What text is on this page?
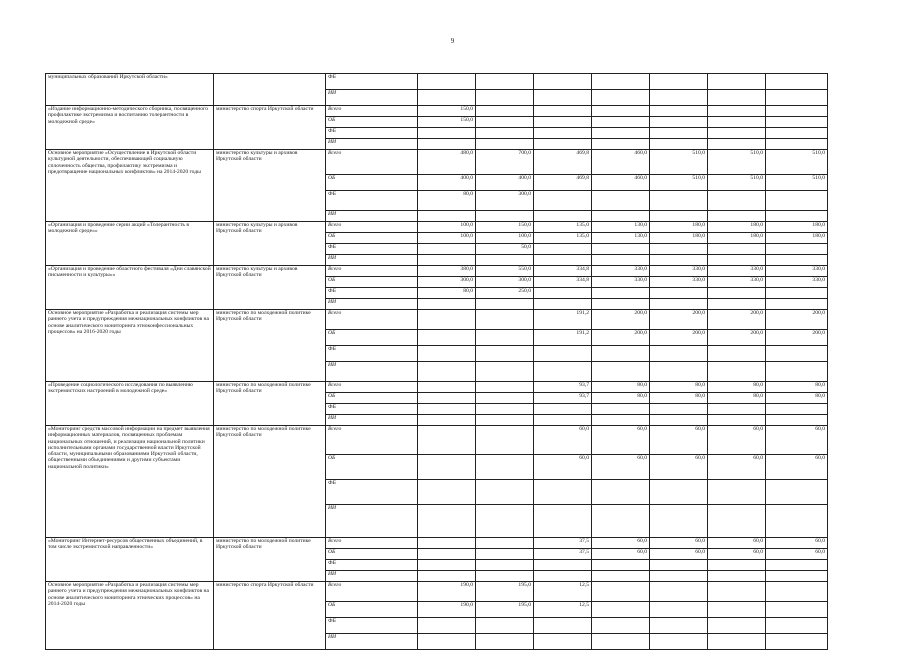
9
муниципальных образований Иркутской области»		ФБ							
		ИИ							
«Издание информационно-методического сборника, посвященного профилактике экстремизма и воспитанию толерантности в молодежной среде»	министерство спорта Иркутской области	Всего	150,0						
		ОБ	150,0						
		ФБ							
		ИИ							
Основное мероприятие «Осуществление в Иркутской области культурной деятельности, обеспечивающей социальную сплоченность общества, профилактику экстремизма и предотвращение национальных конфликтов» на 2014-2020 годы	министерство культуры и архивов Иркутской области	Всего	480,0	700,0	469,8	460,0	510,0	510,0	510,0
		ОБ	400,0	400,0	469,8	460,0	510,0	510,0	510,0
		ФБ	80,0	300,0					
		ИИ							
«Организация и проведение серии акций «Толерантность в молодежной среде»»	министерство культуры и архивов Иркутской области	Всего	100,0	150,0	135,0	130,0	180,0	180,0	180,0
		ОБ	100,0	100,0	135,0	130,0	180,0	180,0	180,0
		ФБ		50,0					
		ИИ							
«Организация и проведение областного фестиваля «Дни славянской письменности и культуры»»	министерство культуры и архивов Иркутской области	Всего	380,0	550,0	334,8	330,0	330,0	330,0	330,0
		ОБ	300,0	300,0	334,8	330,0	330,0	330,0	330,0
		ФБ	80,0	250,0					
		ИИ							
Основное мероприятие «Разработка и реализация системы мер раннего учета и предупреждения межнациональных конфликтов на основе аналитического мониторинга этноконфессиональных процессов» на 2016-2020 годы	министерство по молодежной политике Иркутской области	Всего			191,2	200,0	200,0	200,0	200,0
		ОБ			191,2	200,0	200,0	200,0	200,0
		ФБ							
		ИИ							
«Проведение социологического исследования по выявлению экстремистских настроений в молодежной среде»	министерство по молодежной политике Иркутской области	Всего			93,7	80,0	80,0	80,0	80,0
		ОБ			93,7	80,0	80,0	80,0	80,0
		ФБ							
		ИИ							
«Мониторинг средств массовой информации на предмет выявления информационных материалов, посвященных проблемам национальных отношений, и реализации национальной политики исполнительными органами государственной власти Иркутской области, муниципальными образованиями Иркутской области, общественными объединениями и другими субъектами национальной политики»	министерство по молодежной политике Иркутской области	Всего			60,0	60,0	60,0	60,0	60,0
		ОБ			60,0	60,0	60,0	60,0	60,0
		ФБ							
		ИИ							
«Мониторинг Интернет-ресурсов общественных объединений, в том числе экстремистской направленности»	министерство по молодежной политике Иркутской области	Всего			37,5	60,0	60,0	60,0	60,0
		ОБ			37,5	60,0	60,0	60,0	60,0
		ФБ							
		ИИ							
Основное мероприятие «Разработка и реализация системы мер раннего учета и предупреждения межнациональных конфликтов на основе аналитического мониторинга этнических процессов» на 2014-2020 годы	министерство спорта Иркутской области	Всего	190,0	195,0	12,5				
		ОБ	190,0	195,0	12,5				
		ФБ							
		ИИ							
